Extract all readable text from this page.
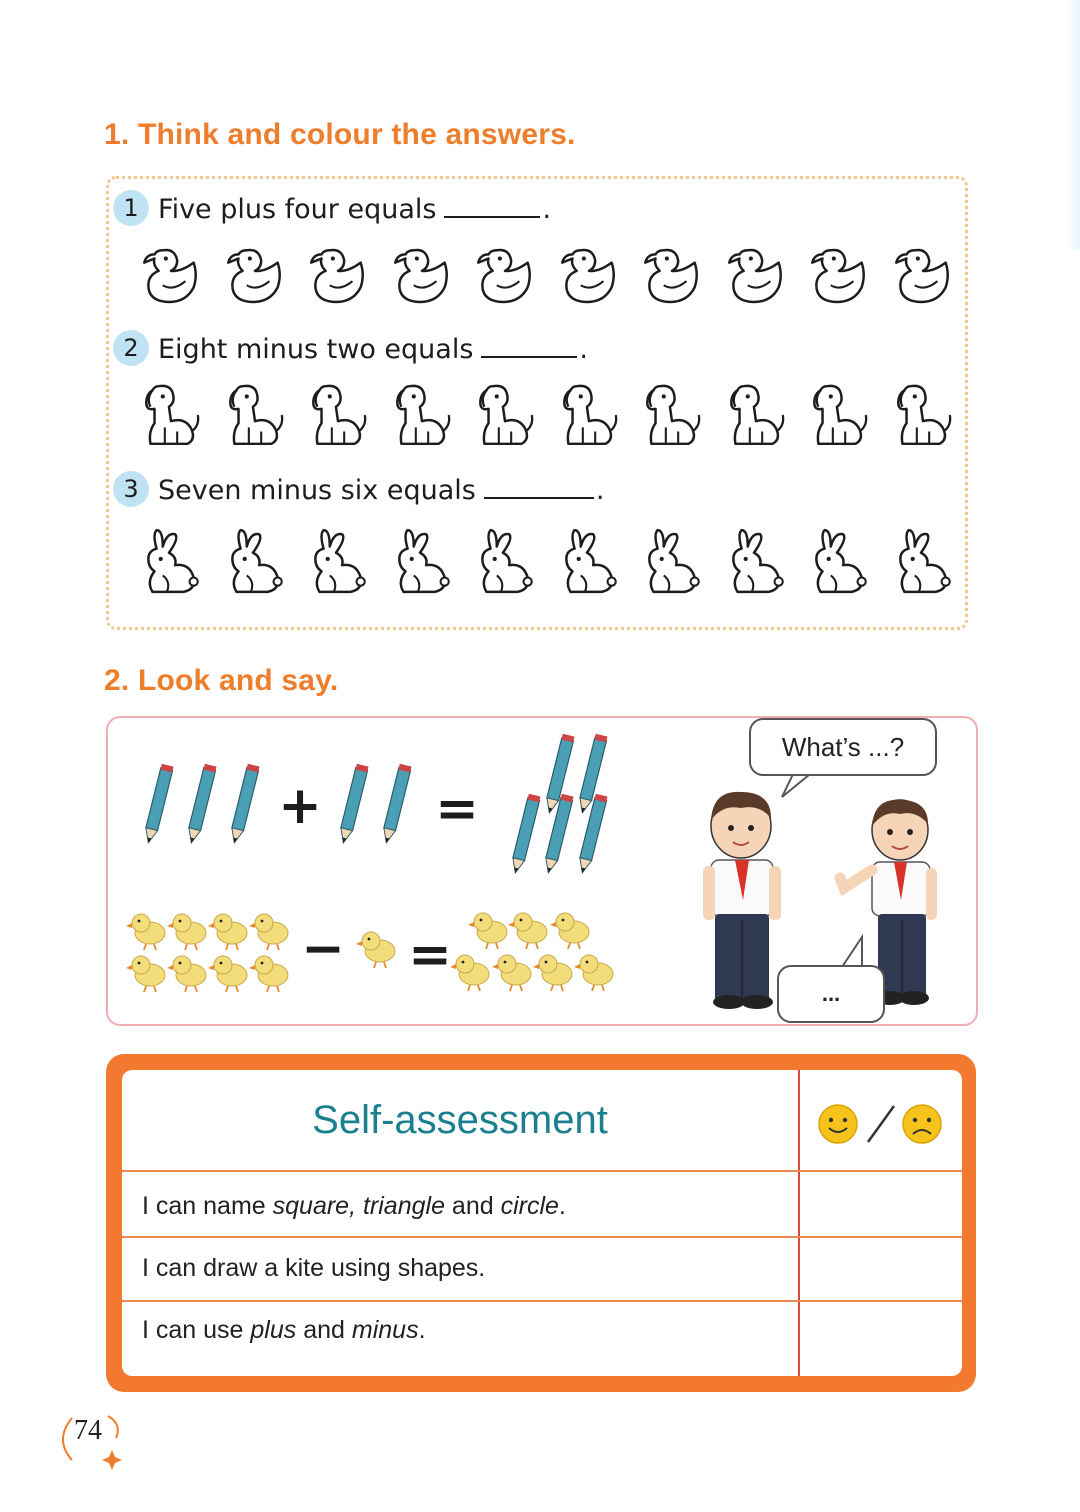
1. Think and colour the answers.
1 Five plus four equals	.
2 Eight minus two equals	.
3 Seven minus six equals	.
2. Look and say.
+ =
− =
What’s ...?
...
Self-assessment
I can name square, triangle and circle.
I can draw a kite using shapes.
I can use plus and minus.
74
